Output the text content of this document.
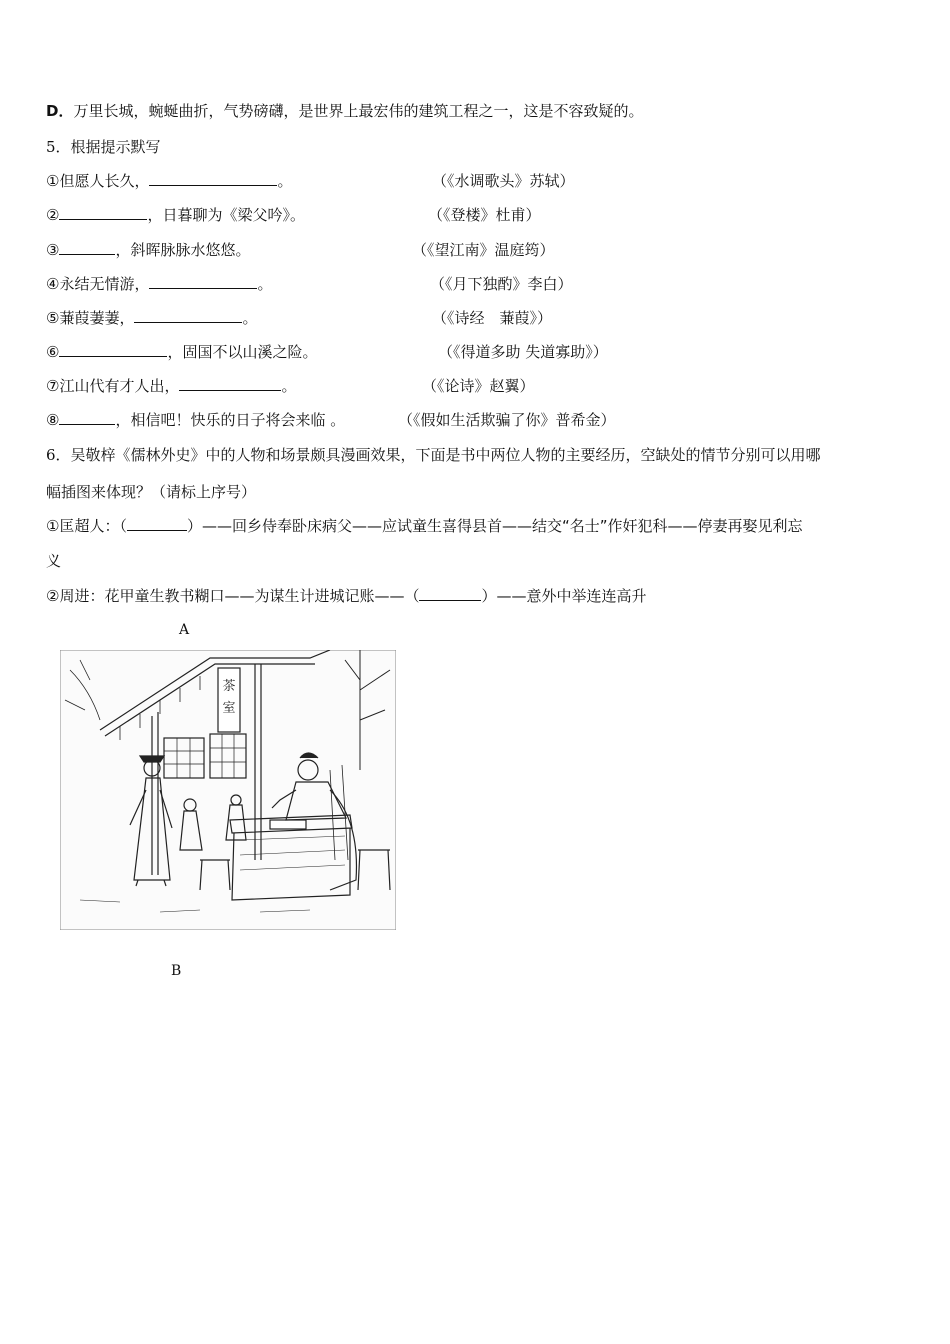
D．万里长城，蜿蜒曲折，气势磅礴，是世界上最宏伟的建筑工程之一，这是不容致疑的。
5．根据提示默写
①但愿人长久，	。	（《水调歌头》苏轼）
②	，日暮聊为《梁父吟》。	（《登楼》杜甫）
③	，斜晖脉脉水悠悠。	（《望江南》温庭筠）
④永结无情游，	。	（《月下独酌》李白）
⑤蒹葭萋萋，	。	（《诗经　蒹葭》）
⑥	，固国不以山溪之险。	（《得道多助 失道寡助》）
⑦江山代有才人出，	。	（《论诗》赵翼）
⑧	，相信吧！快乐的日子将会来临 。	（《假如生活欺骗了你》普希金）
6．吴敬梓《儒林外史》中的人物和场景颇具漫画效果，下面是书中两位人物的主要经历，空缺处的情节分别可以用哪
幅插图来体现？（请标上序号）
①匡超人：（	）——回乡侍奉卧床病父——应试童生喜得县首——结交“名士”作奸犯科——停妻再娶见利忘
义
②周进：花甲童生教书糊口——为谋生计进城记账——（	）——意外中举连连高升
A
茶
室
B
